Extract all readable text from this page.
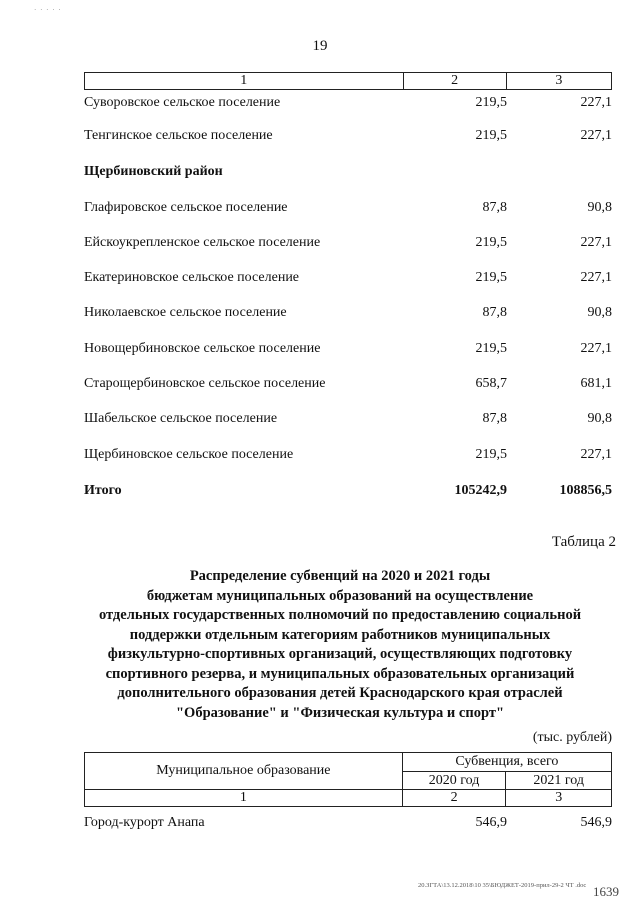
· · · · ·
19
1	2	3
Суворовское сельское поселение	219,5	227,1
Тенгинское сельское поселение	219,5	227,1
Щербиновский район
Глафировское сельское поселение	87,8	90,8
Ейскоукрепленское сельское поселение	219,5	227,1
Екатериновское сельское поселение	219,5	227,1
Николаевское сельское поселение	87,8	90,8
Новощербиновское сельское поселение	219,5	227,1
Старощербиновское сельское поселение	658,7	681,1
Шабельское сельское поселение	87,8	90,8
Щербиновское сельское поселение	219,5	227,1
Итого	105242,9	108856,5
Таблица 2
Распределение субвенций на 2020 и 2021 годы
бюджетам муниципальных образований на осуществление
отдельных государственных полномочий по предоставлению социальной
поддержки отдельным категориям работников муниципальных
физкультурно-спортивных организаций, осуществляющих подготовку
спортивного резерва, и муниципальных образовательных организаций
дополнительного образования детей Краснодарского края отраслей
"Образование" и "Физическая культура и спорт"
(тыс. рублей)
Муниципальное образование	Субвенция, всего	
	2020 год	2021 год
1	2	3
Город-курорт Анапа	546,9	546,9
20.ЗГТА\13.12.2018\10 35\БЮДЖЕТ-2019-прил-29-2 ЧТ .doc 1639
